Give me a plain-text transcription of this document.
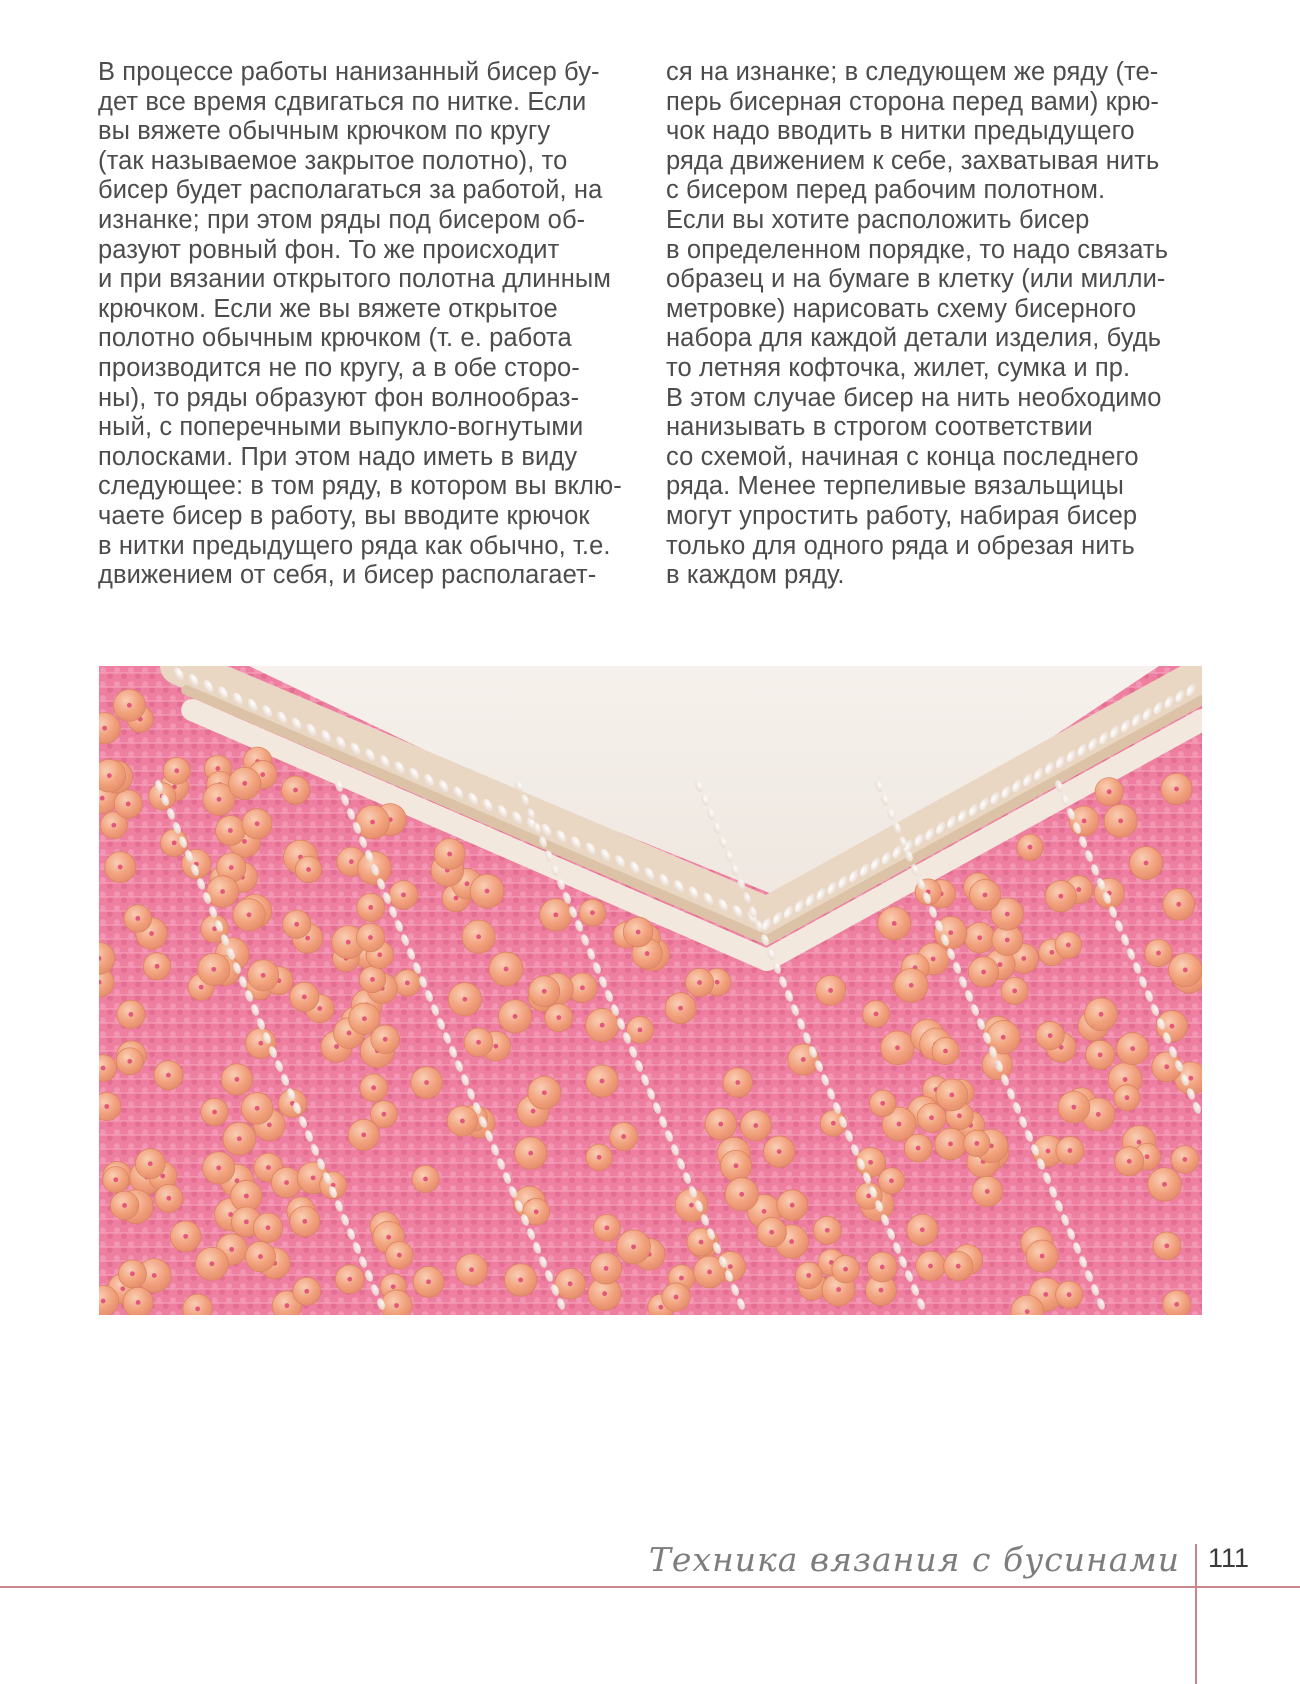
В процессе работы нанизанный бисер бу-
дет все время сдвигаться по нитке. Если
вы вяжете обычным крючком по кругу
(так называемое закрытое полотно), то
бисер будет располагаться за работой, на
изнанке; при этом ряды под бисером об-
разуют ровный фон. То же происходит
и при вязании открытого полотна длинным
крючком. Если же вы вяжете открытое
полотно обычным крючком (т. е. работа
производится не по кругу, а в обе сторо-
ны), то ряды образуют фон волнообраз-
ный, с поперечными выпукло-вогнутыми
полосками. При этом надо иметь в виду
следующее: в том ряду, в котором вы вклю-
чаете бисер в работу, вы вводите крючок
в нитки предыдущего ряда как обычно, т.е.
движением от себя, и бисер располагает-
ся на изнанке; в следующем же ряду (те-
перь бисерная сторона перед вами) крю-
чок надо вводить в нитки предыдущего
ряда движением к себе, захватывая нить
с бисером перед рабочим полотном.
Если вы хотите расположить бисер
в определенном порядке, то надо связать
образец и на бумаге в клетку (или милли-
метровке) нарисовать схему бисерного
набора для каждой детали изделия, будь
то летняя кофточка, жилет, сумка и пр.
В этом случае бисер на нить необходимо
нанизывать в строгом соответствии
со схемой, начиная с конца последнего
ряда. Менее терпеливые вязальщицы
могут упростить работу, набирая бисер
только для одного ряда и обрезая нить
в каждом ряду.
Техника вязания с бусинами 111
